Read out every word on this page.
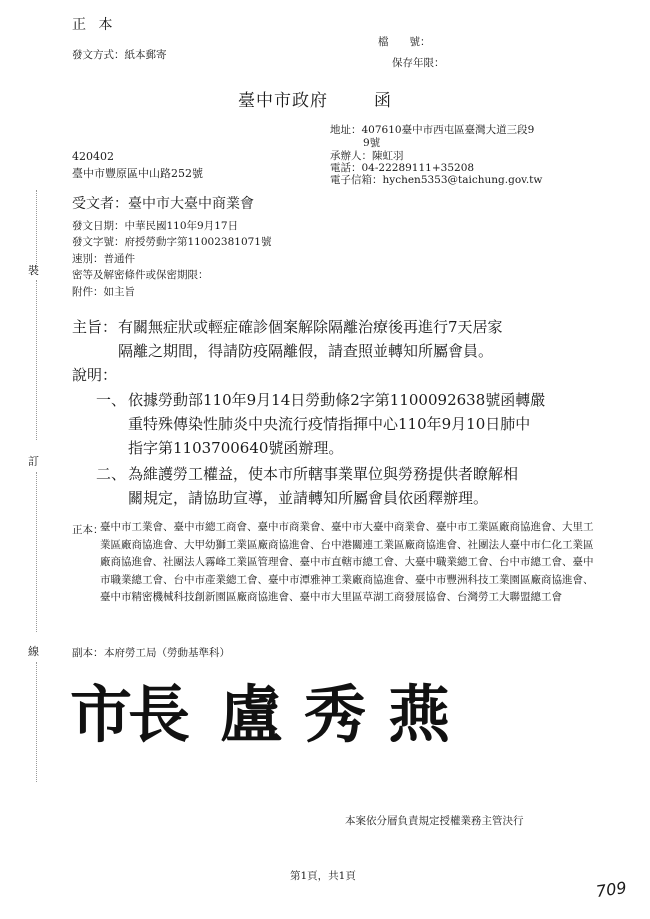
正 本
發文方式：紙本郵寄
檔　　號：
保存年限：
臺中市政府	函
地址：407610臺中市西屯區臺灣大道三段9
9號
承辦人：陳虹羽
電話：04-22289111+35208
電子信箱：hychen5353@taichung.gov.tw
420402
臺中市豐原區中山路252號
受文者：臺中市大臺中商業會
發文日期：中華民國110年9月17日
發文字號：府授勞動字第11002381071號
速別：普通件
密等及解密條件或保密期限：
附件：如主旨
主旨： 有關無症狀或輕症確診個案解除隔離治療後再進行7天居家
隔離之期間，得請防疫隔離假，請查照並轉知所屬會員。
說明：
一、 依據勞動部110年9月14日勞動條2字第1100092638號函轉嚴
重特殊傳染性肺炎中央流行疫情指揮中心110年9月10日肺中
指字第1103700640號函辦理。
二、 為維護勞工權益，使本市所轄事業單位與勞務提供者瞭解相
關規定，請協助宣導，並請轉知所屬會員依函釋辦理。
正本：
臺中市工業會、臺中市總工商會、臺中市商業會、臺中市大臺中商業會、臺中市工業區廠商協進會、大里工業區廠商協進會、大甲幼獅工業區廠商協進會、台中港關連工業區廠商協進會、社團法人臺中市仁化工業區廠商協進會、社團法人霧峰工業區管理會、臺中市直轄市總工會、大臺中職業總工會、台中市總工會、臺中市職業總工會、台中市產業總工會、臺中市潭雅神工業廠商協進會、臺中市豐洲科技工業園區廠商協進會、臺中市精密機械科技創新園區廠商協進會、臺中市大里區草湖工商發展協會、台灣勞工大聯盟總工會
副本： 本府勞工局（勞動基準科）
市長 盧秀燕
本案依分層負責規定授權業務主管決行
第1頁，共1頁
709
裝
訂
線
